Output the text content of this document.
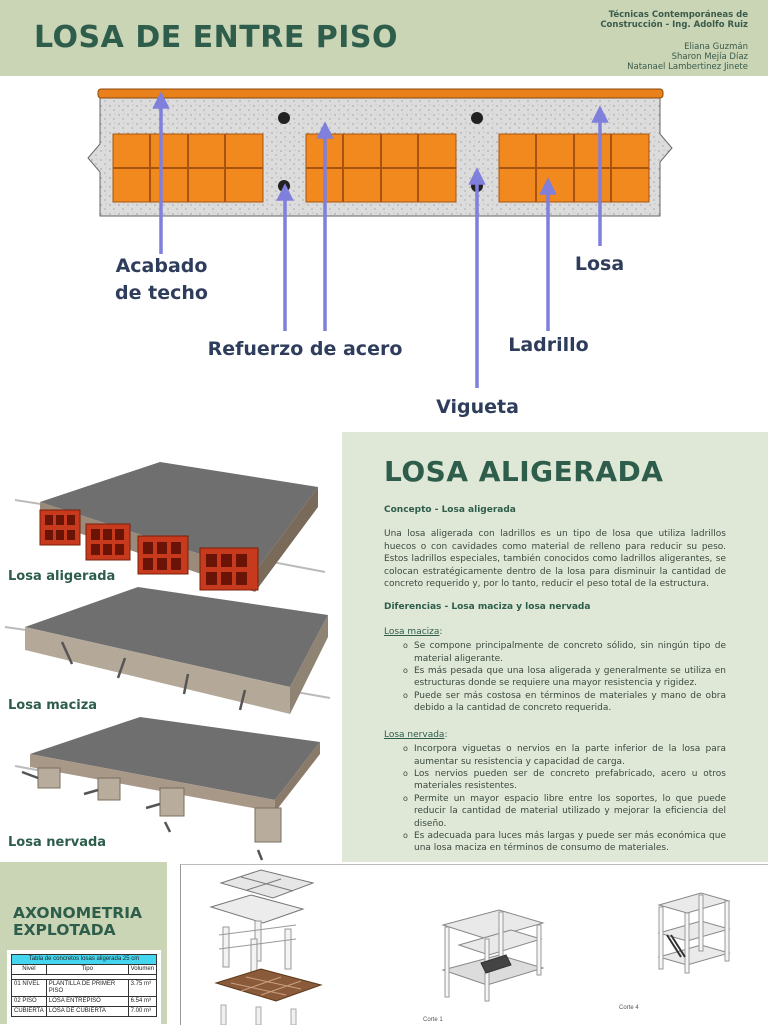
LOSA DE ENTRE PISO
Técnicas Contemporáneas de
Construcción - Ing. Adolfo Ruiz
Eliana Guzmán
Sharon Mejía Díaz
Natanael Lambertinez Jinete
Acabado
de techo
Refuerzo de acero
Vigueta
Ladrillo
Losa
Losa aligerada
Losa maciza
Losa nervada
LOSA ALIGERADA
Concepto - Losa aligerada

Una losa aligerada con ladrillos es un tipo de losa que utiliza ladrillos huecos o con cavidades como material de relleno para reducir su peso. Estos ladrillos especiales, también conocidos como ladrillos aligerantes, se colocan estratégicamente dentro de la losa para disminuir la cantidad de concreto requerido y, por lo tanto, reducir el peso total de la estructura.

Diferencias - Losa maciza y losa nervada
Losa maciza:
o Se compone principalmente de concreto sólido, sin ningún tipo de material aligerante.
o Es más pesada que una losa aligerada y generalmente se utiliza en estructuras donde se requiere una mayor resistencia y rigidez.
o Puede ser más costosa en términos de materiales y mano de obra debido a la cantidad de concreto requerida.
Losa nervada:
o Incorpora viguetas o nervios en la parte inferior de la losa para aumentar su resistencia y capacidad de carga.
o Los nervios pueden ser de concreto prefabricado, acero u otros materiales resistentes.
o Permite un mayor espacio libre entre los soportes, lo que puede reducir la cantidad de material utilizado y mejorar la eficiencia del diseño.
o Es adecuada para luces más largas y puede ser más económica que una losa maciza en términos de consumo de materiales.
AXONOMETRIA
EXPLOTADA
Tabla de concretos losas aligerada 25 cm		
Nivel	Tipo	Volumen

01 NIVEL	PLANTILLA DE PRIMER PISO	3.75 m³
02 PISO	LOSA ENTREPISO	6.54 m³
CUBIERTA	LOSA DE CUBIERTA	7.00 m³
Corte 1
Corte 4
